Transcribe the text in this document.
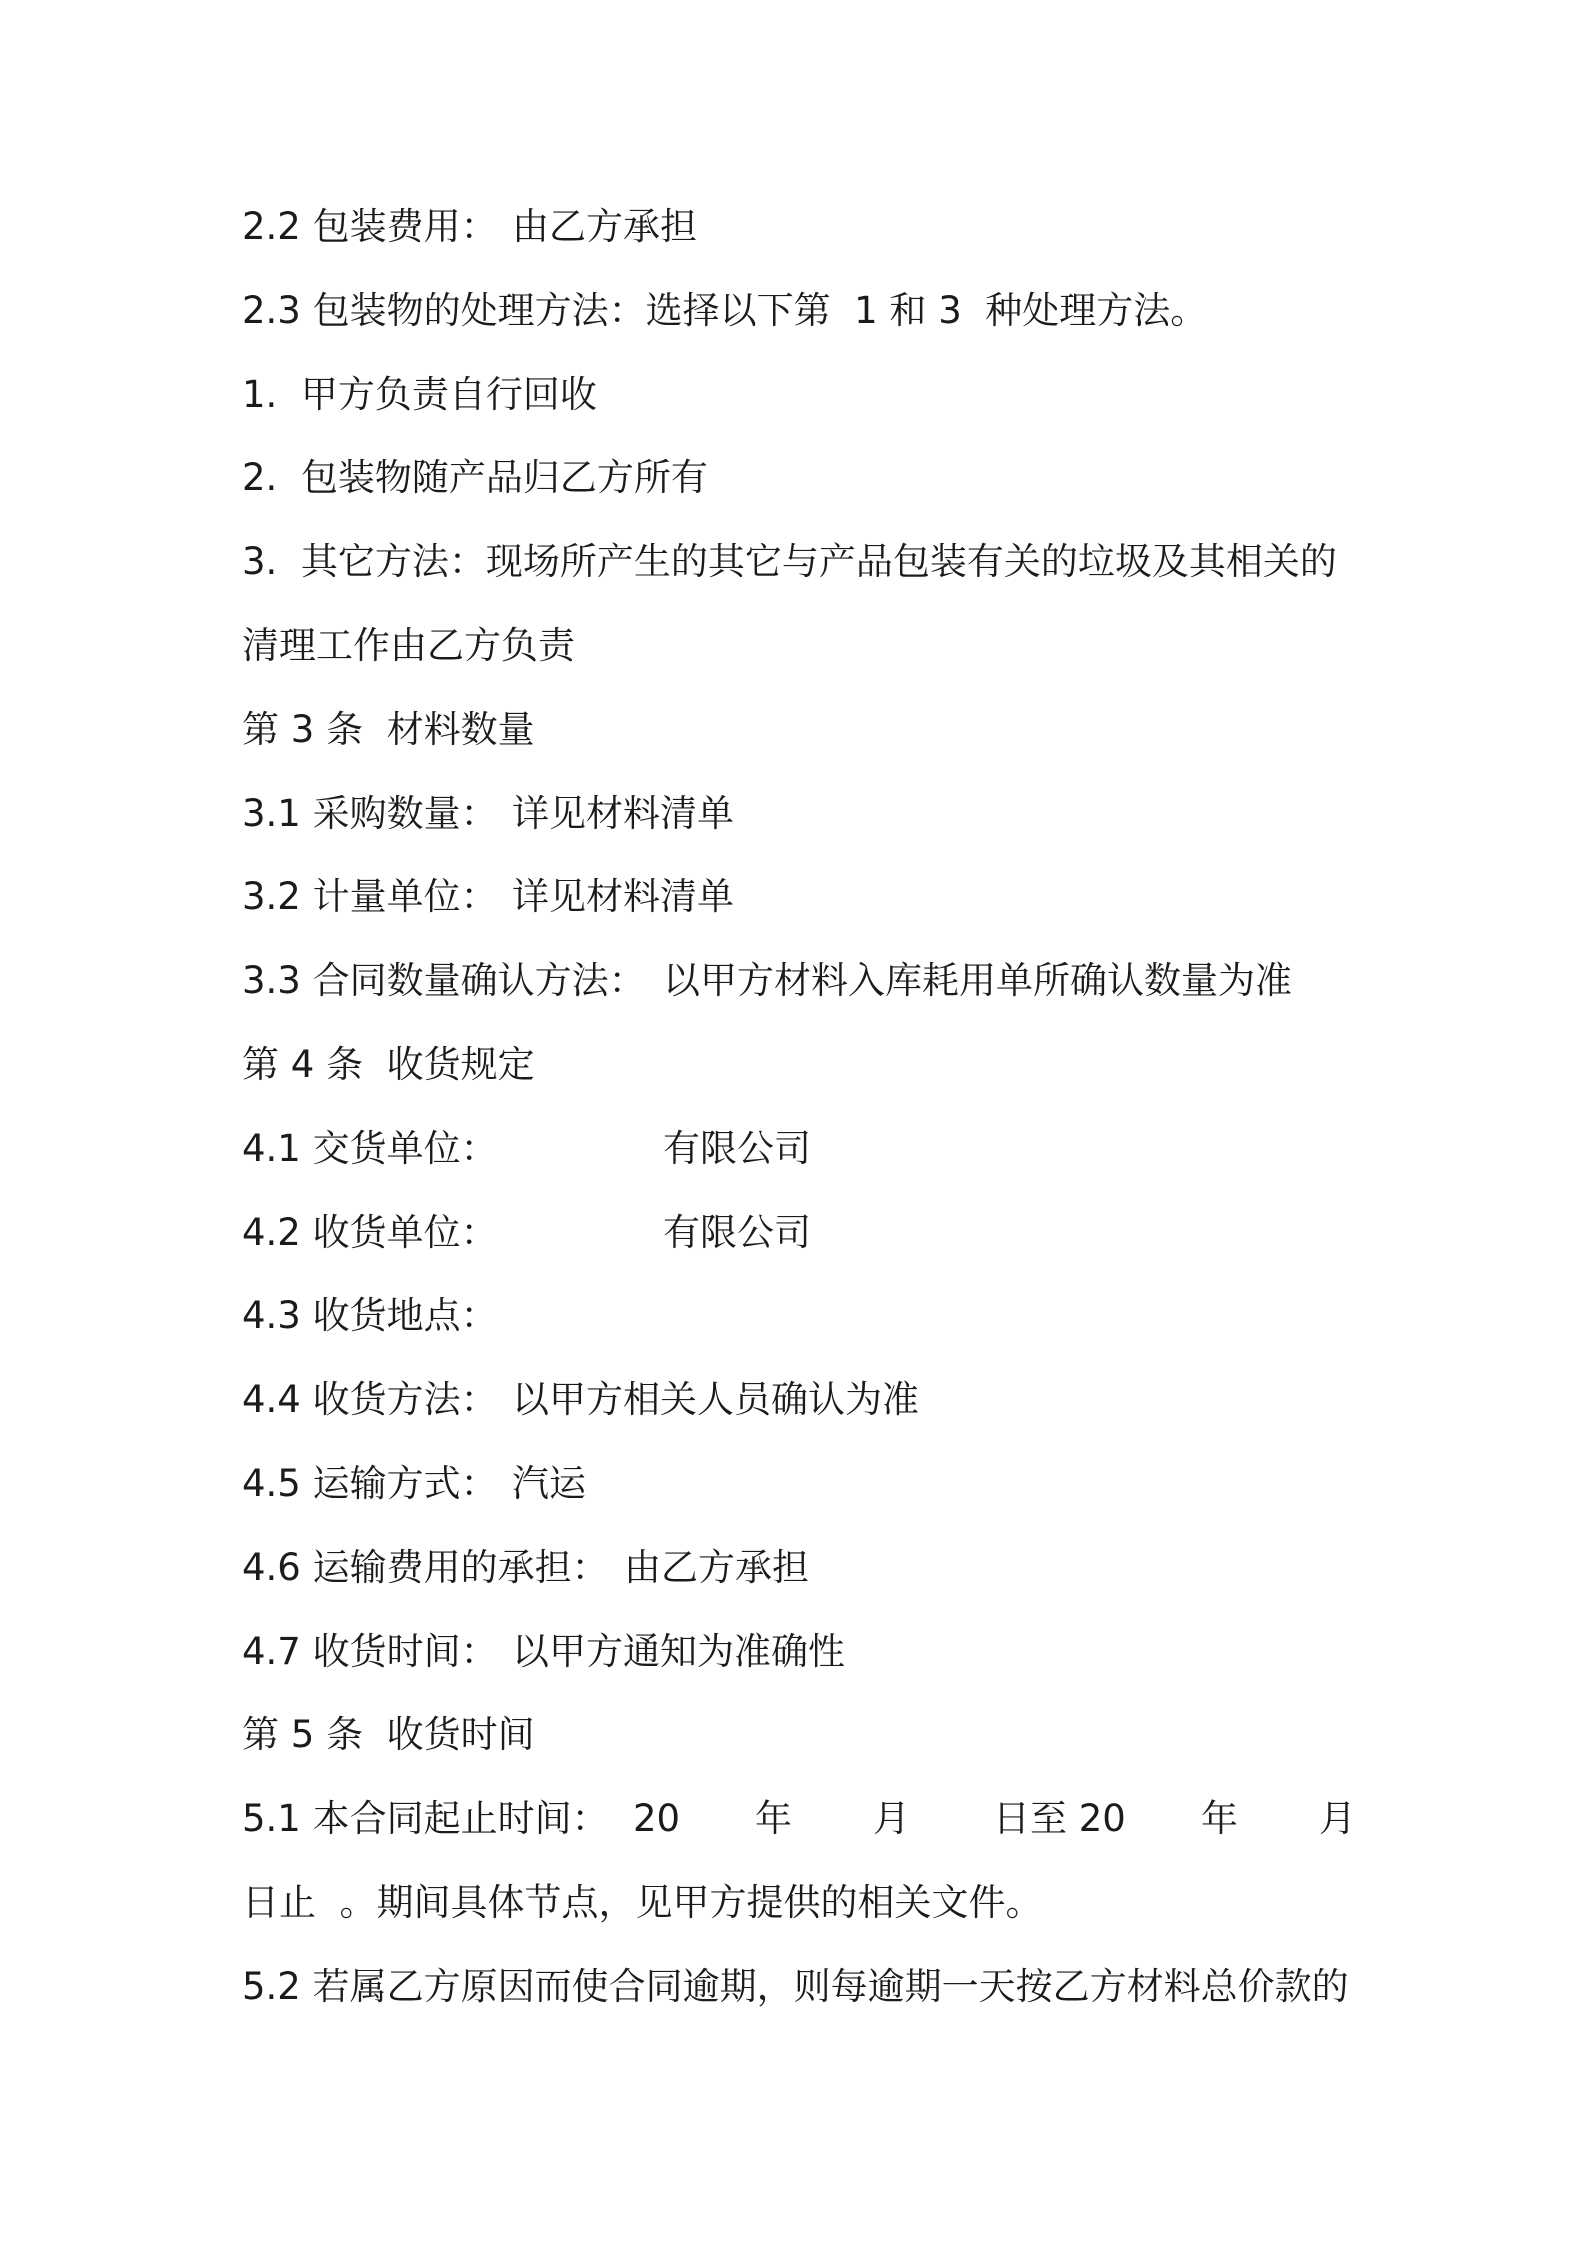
2.2 包装费用：

由乙方承担

2.3 包装物的处理方法：选择以下第  1 和 3  种处理方法。

1.  甲方负责自行回收

2.  包装物随产品归乙方所有

3.  其它方法：现场所产生的其它与产品包装有关的垃圾及其相关的

清理工作由乙方负责

第 3 条  材料数量

3.1 采购数量：

详见材料清单

3.2 计量单位：

详见材料清单

3.3 合同数量确认方法：

以甲方材料入库耗用单所确认数量为准

第 4 条  收货规定

4.1 交货单位：

	有限公司

4.2 收货单位：

	有限公司

4.3 收货地点：

4.4 收货方法：

以甲方相关人员确认为准

4.5 运输方式：

汽运

4.6 运输费用的承担：

由乙方承担

4.7 收货时间：

以甲方通知为准确性

第 5 条  收货时间

5.1 本合同起止时间：

20

年

月

日至 20

年

月

日止  。期间具体节点，见甲方提供的相关文件。

5.2 若属乙方原因而使合同逾期，则每逾期一天按乙方材料总价款的
